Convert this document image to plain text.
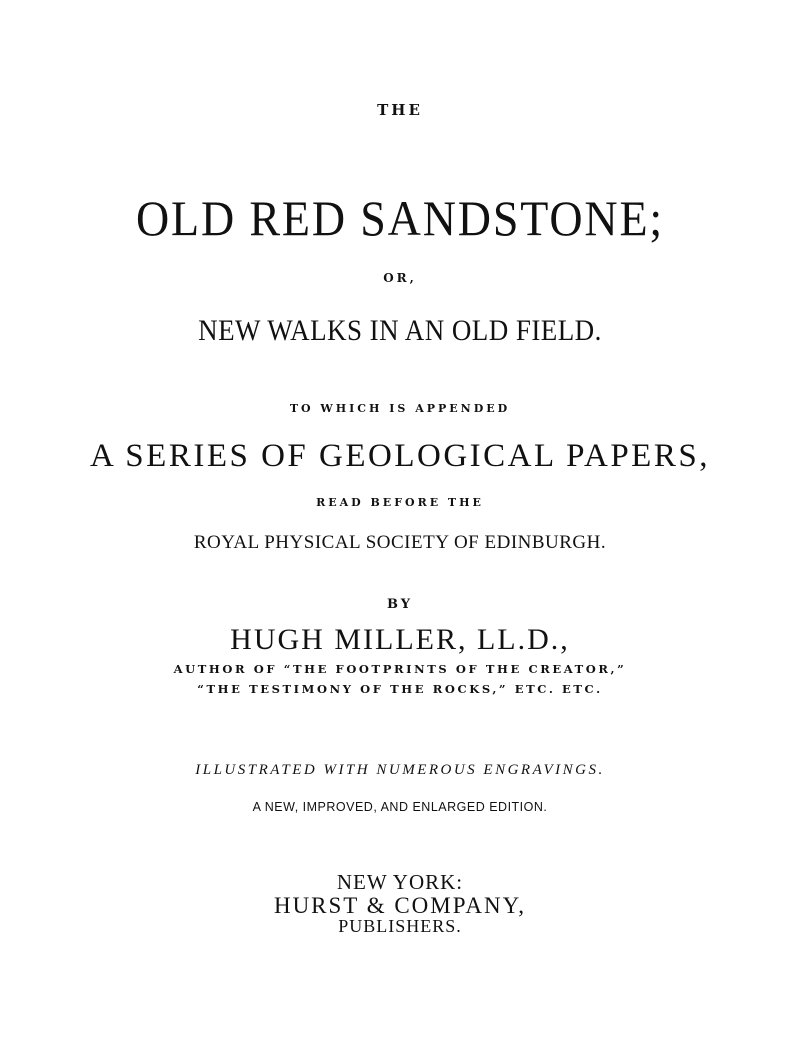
THE
OLD RED SANDSTONE;
OR,
NEW WALKS IN AN OLD FIELD.
TO WHICH IS APPENDED
A SERIES OF GEOLOGICAL PAPERS,
READ BEFORE THE
ROYAL PHYSICAL SOCIETY OF EDINBURGH.
BY
HUGH MILLER, LL.D.,
AUTHOR OF “THE FOOTPRINTS OF THE CREATOR,”
“THE TESTIMONY OF THE ROCKS,” ETC. ETC.
ILLUSTRATED WITH NUMEROUS ENGRAVINGS.
A NEW, IMPROVED, AND ENLARGED EDITION.
NEW YORK:
HURST & COMPANY,
PUBLISHERS.
